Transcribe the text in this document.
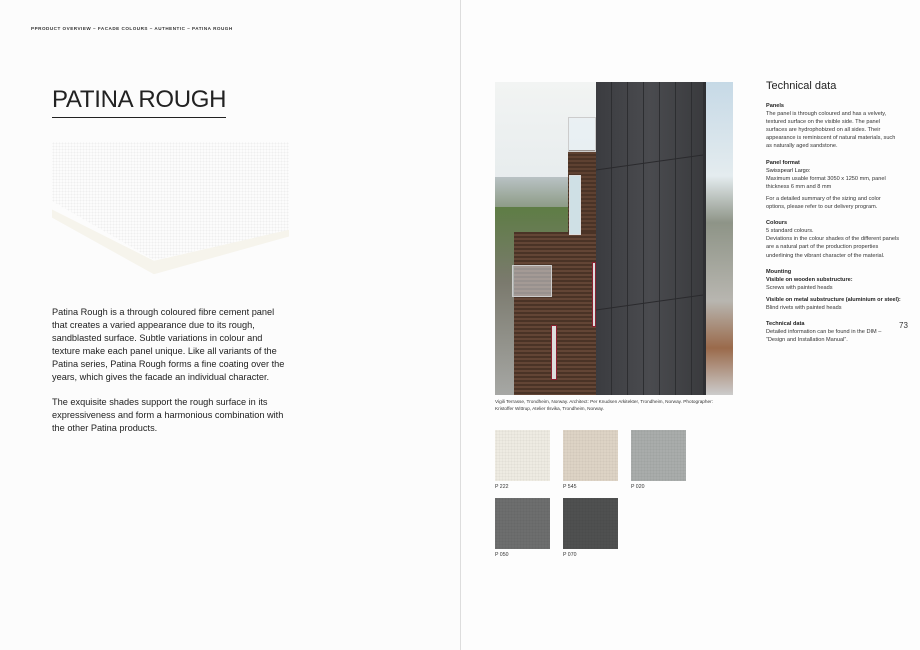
PPRODUCT OVERVIEW – FACADE COLOURS – AUTHENTIC – PATINA ROUGH
PATINA ROUGH

Patina Rough is a through coloured fibre cement panel that creates a varied appearance due to its rough, sandblasted surface. Subtle variations in colour and texture make each panel unique. Like all variants of the Patina series, Patina Rough forms a fine coating over the years, which gives the facade an individual character.

The exquisite shades support the rough surface in its expressiveness and form a harmonious combination with the other Patina products.

Vigili Terrasse, Trondheim, Norway. Architect: Per Knudsen Arkitekter, Trondheim, Norway. Photographer: Kristoffer Wittrup, Atelier Ilsvika, Trondheim, Norway.
Technical data
Panels
The panel is through coloured and has a velvety, textured surface on the visible side. The panel surfaces are hydrophobized on all sides. Their appearance is reminiscent of natural materials, such as naturally aged sandstone.
Panel format
Swisspearl Largo:
Maximum usable format 3050 x 1250 mm, panel thickness 6 mm and 8 mm
For a detailed summary of the sizing and color options, please refer to our delivery program.
Colours
5 standard colours.
Deviations in the colour shades of the different panels are a natural part of the production properties underlining the vibrant character of the material.
Mounting
Visible on wooden substructure:
Screws with painted heads
Visible on metal substructure (aluminium or steel):
Blind rivets with painted heads
Technical data
Detailed information can be found in the DIM – “Design and Installation Manual”.
73
P 222	P 545	P 020
P 050	P 070
